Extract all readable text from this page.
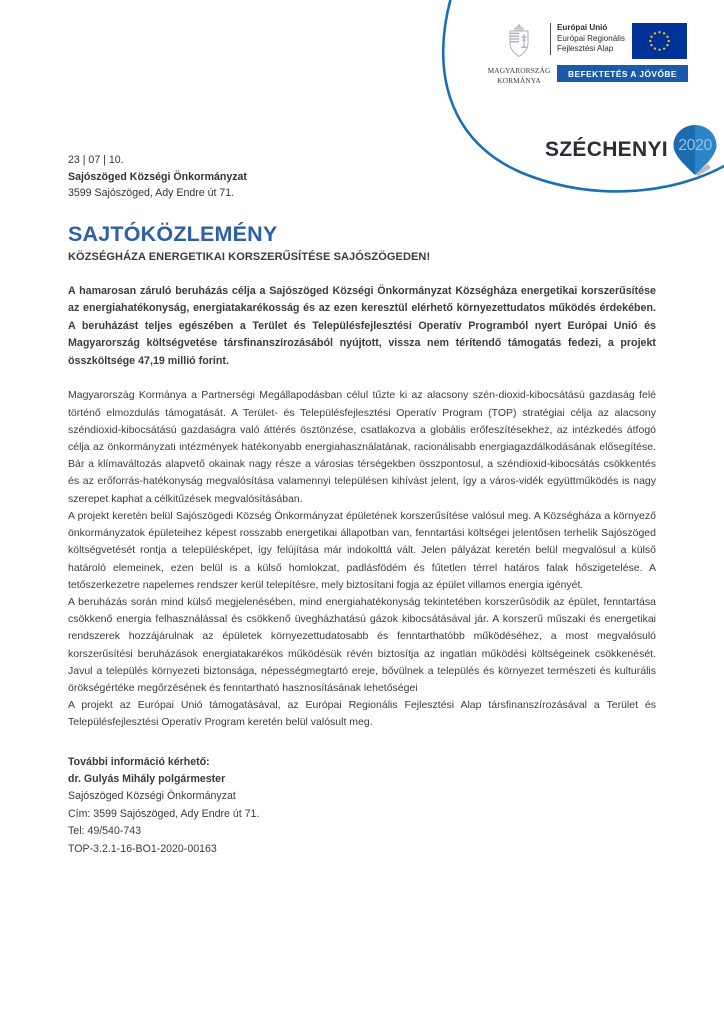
MAGYARORSZÁG
KORMÁNYA
Európai Unió
Európai Regionális
Fejlesztési Alap
BEFEKTETÉS A JÖVŐBE
SZÉCHENYI 2020
23 | 07 | 10.
Sajószöged Községi Önkormányzat
3599 Sajószöged, Ady Endre út 71.
SAJTÓKÖZLEMÉNY
KÖZSÉGHÁZA ENERGETIKAI KORSZERŰSÍTÉSE SAJÓSZÖGEDEN!
A hamarosan záruló beruházás célja a Sajószöged Községi Önkormányzat Községháza energetikai korszerűsítése az energiahatékonyság, energiatakarékosság és az ezen keresztül elérhető környezettudatos működés érdekében. A beruházást teljes egészében a Terület és Településfejlesztési Operatív Programból nyert Európai Unió és Magyarország költségvetése társfinanszírozásából nyújtott, vissza nem térítendő támogatás fedezi, a projekt összköltsége 47,19 millió forint.

Magyarország Kormánya a Partnerségi Megállapodásban célul tűzte ki az alacsony szén-dioxid-kibocsátású gazdaság felé történő elmozdulás támogatását. A Terület- és Településfejlesztési Operatív Program (TOP) stratégiai célja az alacsony széndioxid-kibocsátású gazdaságra való áttérés ösztönzése, csatlakozva a globális erőfeszítésekhez, az intézkedés átfogó célja az önkormányzati intézmények hatékonyabb energiahasználatának, racionálisabb energiagazdálkodásának elősegítése. Bár a klímaváltozás alapvető okainak nagy része a városias térségekben összpontosul, a széndioxid-kibocsátás csökkentés és az erőforrás-hatékonyság megvalósítása valamennyi településen kihívást jelent, így a város-vidék együttműködés is nagy szerepet kaphat a célkitűzések megvalósításában.

A projekt keretén belül Sajószögedi Község Önkormányzat épületének korszerűsítése valósul meg. A Községháza a környező önkormányzatok épületeihez képest rosszabb energetikai állapotban van, fenntartási költségei jelentősen terhelik Sajószöged költségvetését rontja a településképet, így felújítása már indokolttá vált. Jelen pályázat keretén belül megvalósul a külső határoló elemeinek, ezen belül is a külső homlokzat, padlásfödém és fűtetlen térrel határos falak hőszigetelése. A tetőszerkezetre napelemes rendszer kerül telepítésre, mely biztosítani fogja az épület villamos energia igényét.

A beruházás során mind külső megjelenésében, mind energiahatékonyság tekintetében korszerűsödik az épület, fenntartása csökkenő energia felhasználással és csökkenő üvegházhatású gázok kibocsátásával jár. A korszerű műszaki és energetikai rendszerek hozzájárulnak az épületek környezettudatosabb és fenntarthatóbb működéséhez, a most megvalósuló korszerűsítési beruházások energiatakarékos működésük révén biztosítja az ingatlan működési költségeinek csökkenését. Javul a település környezeti biztonsága, népességmegtartó ereje, bővülnek a település és környezet természeti és kulturális örökségértéke megőrzésének és fenntartható hasznosításának lehetőségei

A projekt az Európai Unió támogatásával, az Európai Regionális Fejlesztési Alap társfinanszírozásával a Terület és Településfejlesztési Operatív Program keretén belül valósult meg.

További információ kérhető:
dr. Gulyás Mihály polgármester
Sajószöged Községi Önkormányzat
Cím: 3599 Sajószöged, Ady Endre út 71.
Tel: 49/540-743
TOP-3.2.1-16-BO1-2020-00163
